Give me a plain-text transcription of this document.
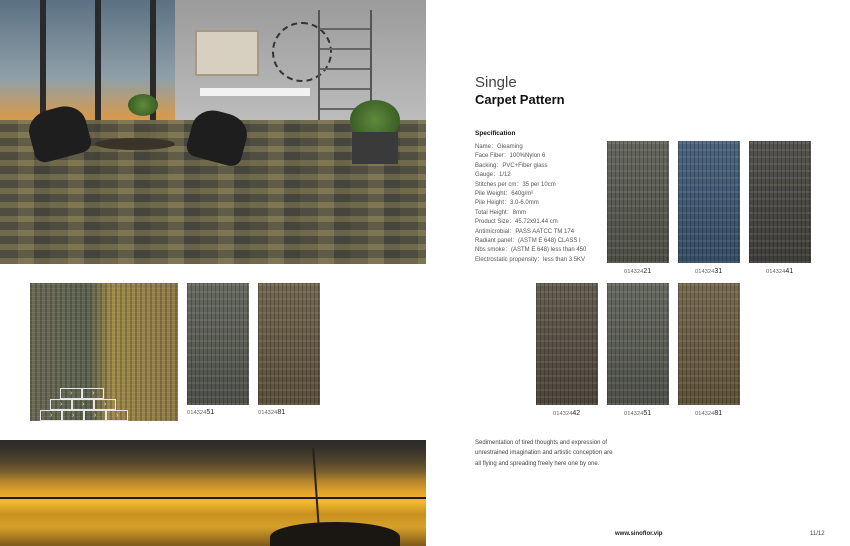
Single
Carpet Pattern
Specification
Name：Gleaming
Face Fiber：100%Nylon 6
Backing：PVC+Fiber glass
Gauge：1/12
Stitches per cm：35 per 10cm
Pile Weight：640g/m²
Pile Height：3.0-6.0mm
Total Height：8mm
Product Size：45.72x91.44 cm
Antimicrobial：PASS AATCC TM 174
Radiant panel：(ASTM E 648) CLASS I
Nbs smoke：(ASTM E 648) less than 450
Electrostatic propensity：less than 3.5KV
01432421	01432431	01432441
›	›
›	›	›
›	›	›	›	01432451	01432481	01432442	01432451	01432481

Sedimentation of tired thoughts and expression of unrestrained imagination and artistic conception are all flying and spreading freely here one by one.

www.sinoflor.vip	11/12
